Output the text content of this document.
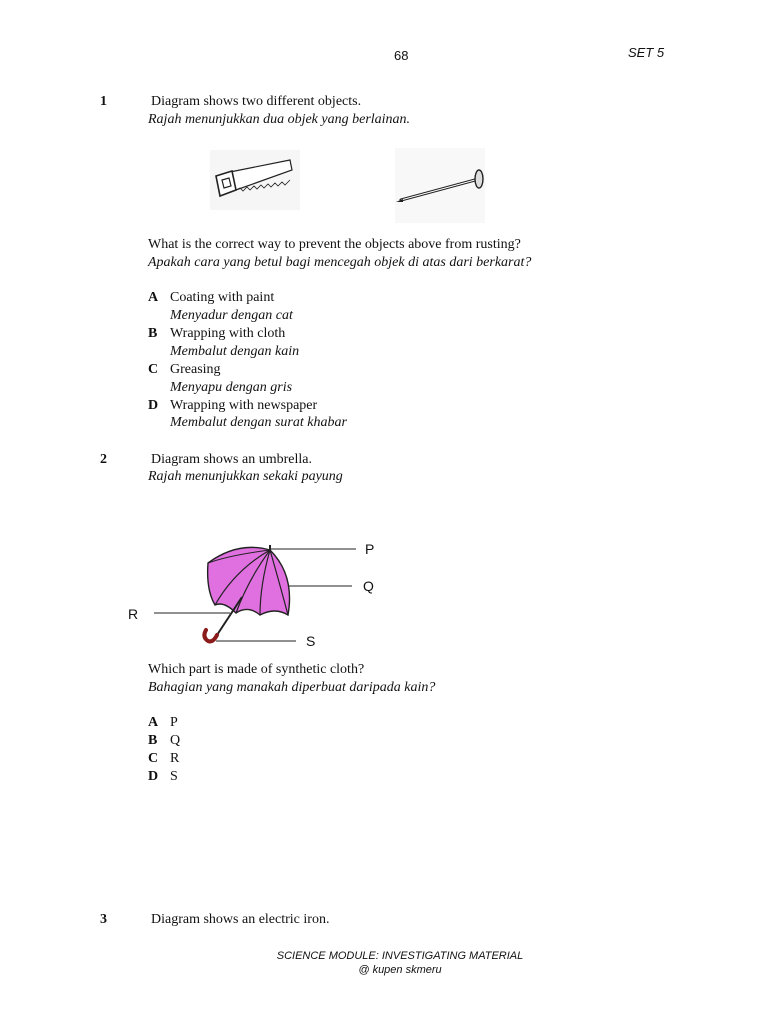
68	SET 5
1	Diagram shows two different objects.
Rajah menunjukkan dua objek yang berlainan.
What is the correct way to prevent the objects above from rusting?
Apakah cara yang betul bagi mencegah objek di atas dari berkarat?
A Coating with paint
Menyadur dengan cat
B Wrapping with cloth
Membalut dengan kain
C Greasing
Menyapu dengan gris
D Wrapping with newspaper
Membalut dengan surat khabar
2	Diagram shows an umbrella.
Rajah menunjukkan sekaki payung
P
Q
R
S
Which part is made of synthetic cloth?
Bahagian yang manakah diperbuat daripada kain?
A P
B Q
C R
D S
3	Diagram shows an electric iron.
SCIENCE MODULE: INVESTIGATING MATERIAL
@ kupen skmeru
